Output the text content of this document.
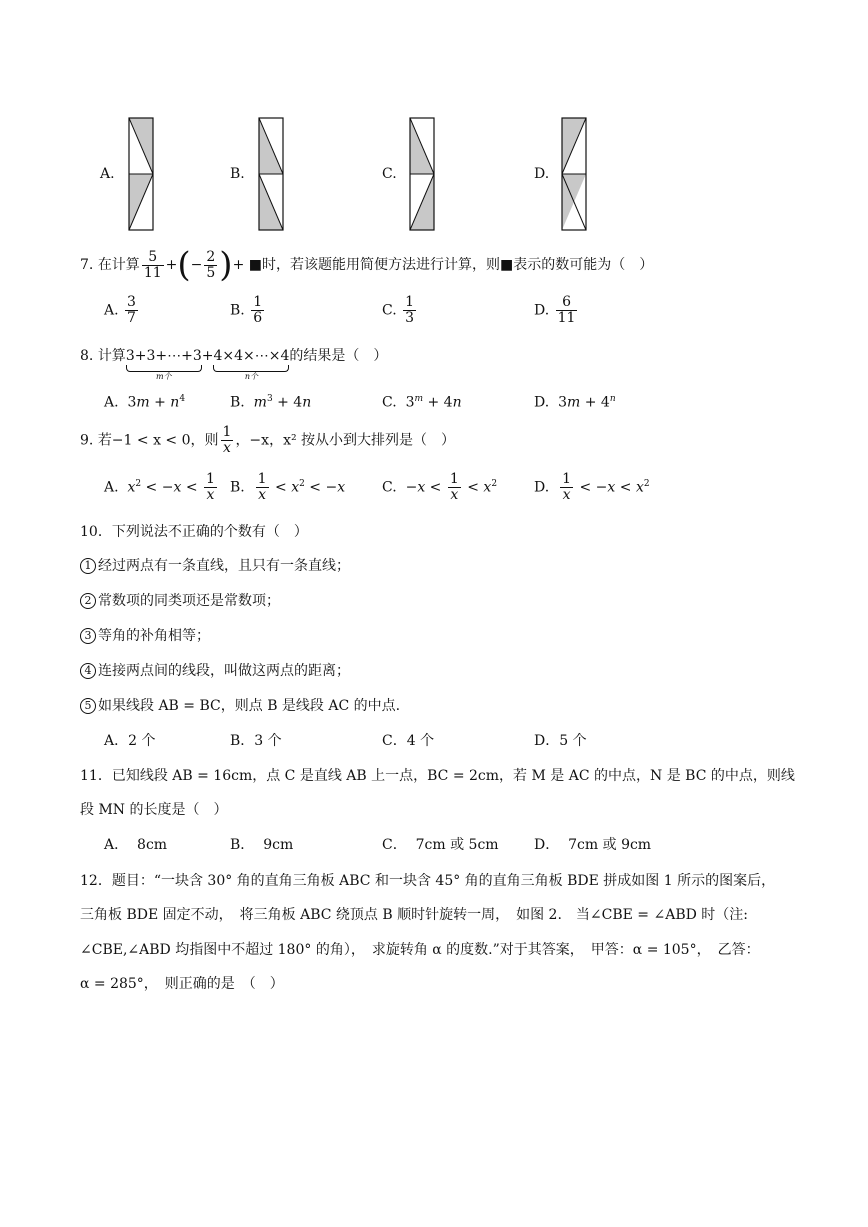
A.	B.	C.	D.
7. 在计算 $\frac{5}{11}$ +(− $\frac{2}{5}$ )+ ■时，若该题能用简便方法进行计算，则■表示的数可能为（　）
A. $\frac{3}{7}$	B. $\frac{1}{6}$	C. $\frac{1}{3}$	D. $\frac{6}{11}$
8. 计算3+3+⋯+3
m个
+4×4×⋯×4
n个
的结果是（　）
A.  $3m + n^4$	B. $m^3 + 4n$	C.  $3^m + 4n$	D.  $3m + 4^n$
9. 若−1 < x < 0，则 $\frac{1}{x}$ ，−x，x² 按从小到大排列是（　）
A. $x^2 < -x < \frac{1}{x} B$. $\frac{1}{x} < x^2 < -x$	C.  $-x < \frac{1}{x} < x^2$	D. $\frac{1}{x} < -x < x^2$
10．下列说法不正确的个数有（　）
1 经过两点有一条直线，且只有一条直线；
2 常数项的同类项还是常数项；
3 等角的补角相等；
4 连接两点间的线段，叫做这两点的距离；
5 如果线段 AB = BC，则点 B 是线段 AC 的中点.
A．2 个	B．3 个	C．4 个	D．5 个
11．已知线段 AB = 16cm，点 C 是直线 AB 上一点，BC = 2cm，若 M 是 AC 的中点，N 是 BC 的中点，则线
段 MN 的长度是（　）
A． 8cm	B． 9cm	C． 7cm 或 5cm	D． 7cm 或 9cm
12．题目：“一块含 30° 角的直角三角板 ABC 和一块含 45° 角的直角三角板 BDE 拼成如图 1 所示的图案后，
三角板 BDE 固定不动，　将三角板 ABC 绕顶点 B 顺时针旋转一周，　如图 2.　当∠CBE = ∠ABD 时（注:
∠CBE,∠ABD 均指图中不超过 180° 的角），　求旋转角 α 的度数.”对于其答案，　甲答：α = 105°，　乙答：
α = 285°，　则正确的是　（　）
